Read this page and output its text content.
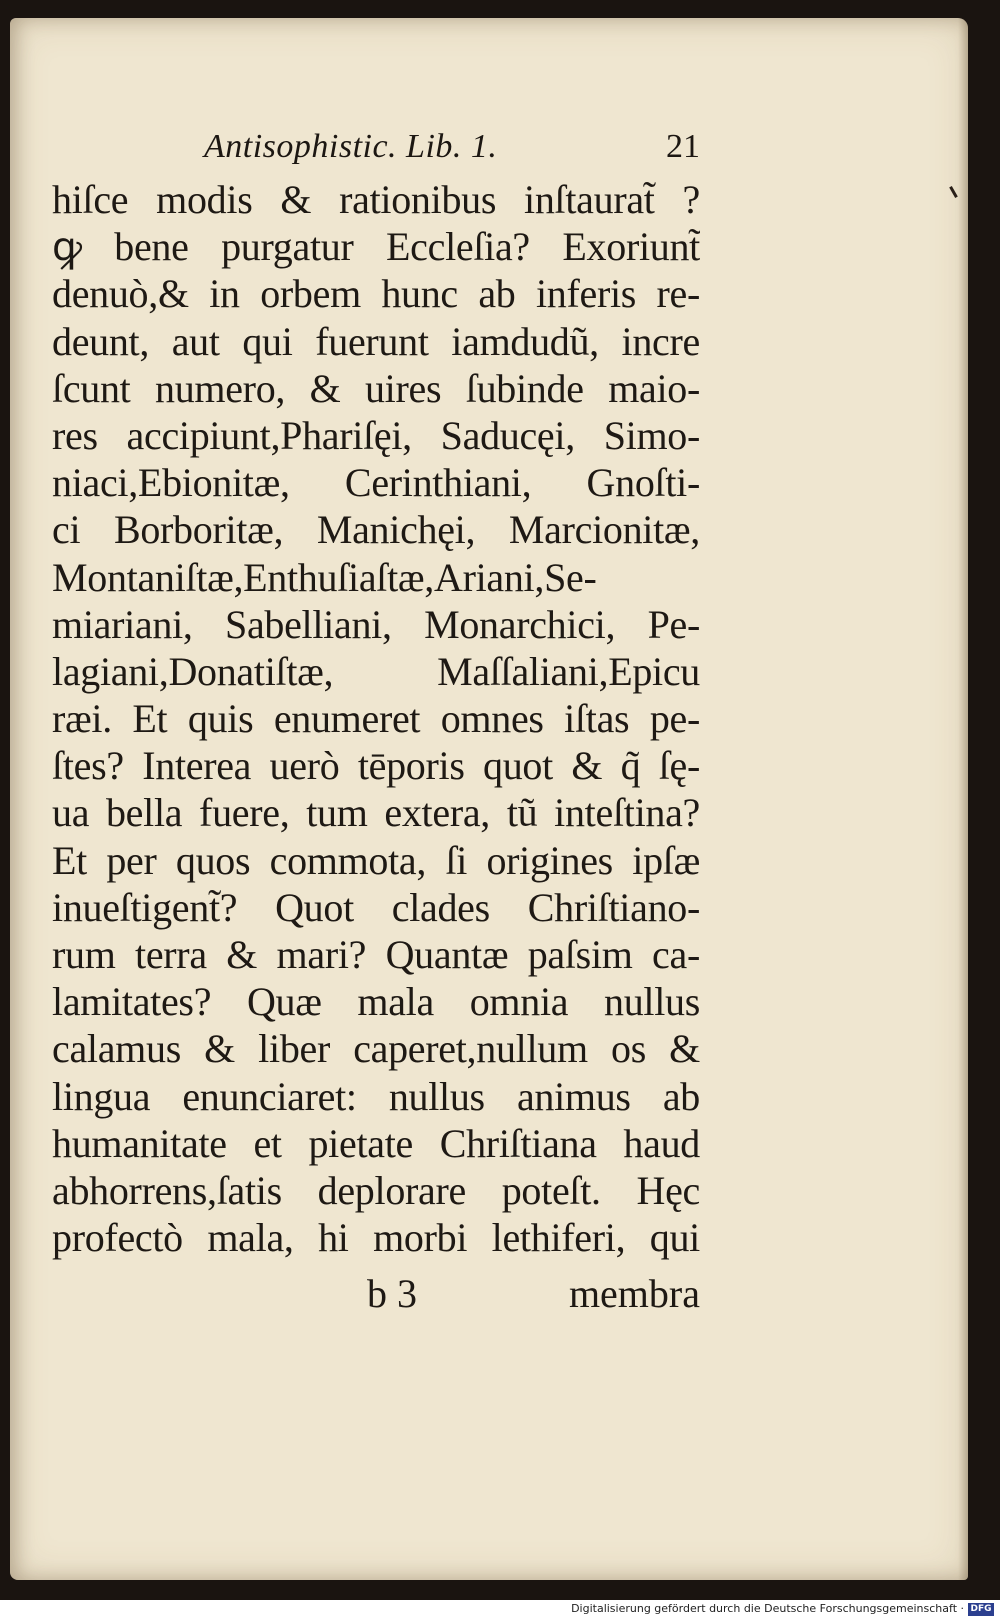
Antisophistic. Lib. 1.	21
hiſce modis & rationibus inſtaurat̃ ?
ꝙ bene purgatur Eccleſia? Exoriunt̃
denuò,& in orbem hunc ab inferis re-
deunt, aut qui fuerunt iamdudũ, incre
ſcunt numero, & uires ſubinde maio-
res accipiunt,Phariſęi, Saducęi, Simo-
niaci,Ebionitæ, Cerinthiani, Gnoſti-
ci Borboritæ, Manichęi, Marcionitæ,
Montaniſtæ,Enthuſiaſtæ,Ariani,Se-
miariani, Sabelliani, Monarchici, Pe-
lagiani,Donatiſtæ, Maſſaliani,Epicu
ræi. Et quis enumeret omnes iſtas pe-
ſtes? Interea uerò tēporis quot & q̃ ſę-
ua bella fuere, tum extera, tũ inteſtina?
Et per quos commota, ſi origines ipſæ
inueſtigent̃? Quot clades Chriſtiano-
rum terra & mari? Quantæ paſsim ca-
lamitates? Quæ mala omnia nullus
calamus & liber caperet,nullum os &
lingua enunciaret: nullus animus ab
humanitate et pietate Chriſtiana haud
abhorrens,ſatis deplorare poteſt. Hęc
profectò mala, hi morbi lethiferi, qui
b 3	membra
Digitalisierung gefördert durch die Deutsche Forschungsgemeinschaft · DFG
